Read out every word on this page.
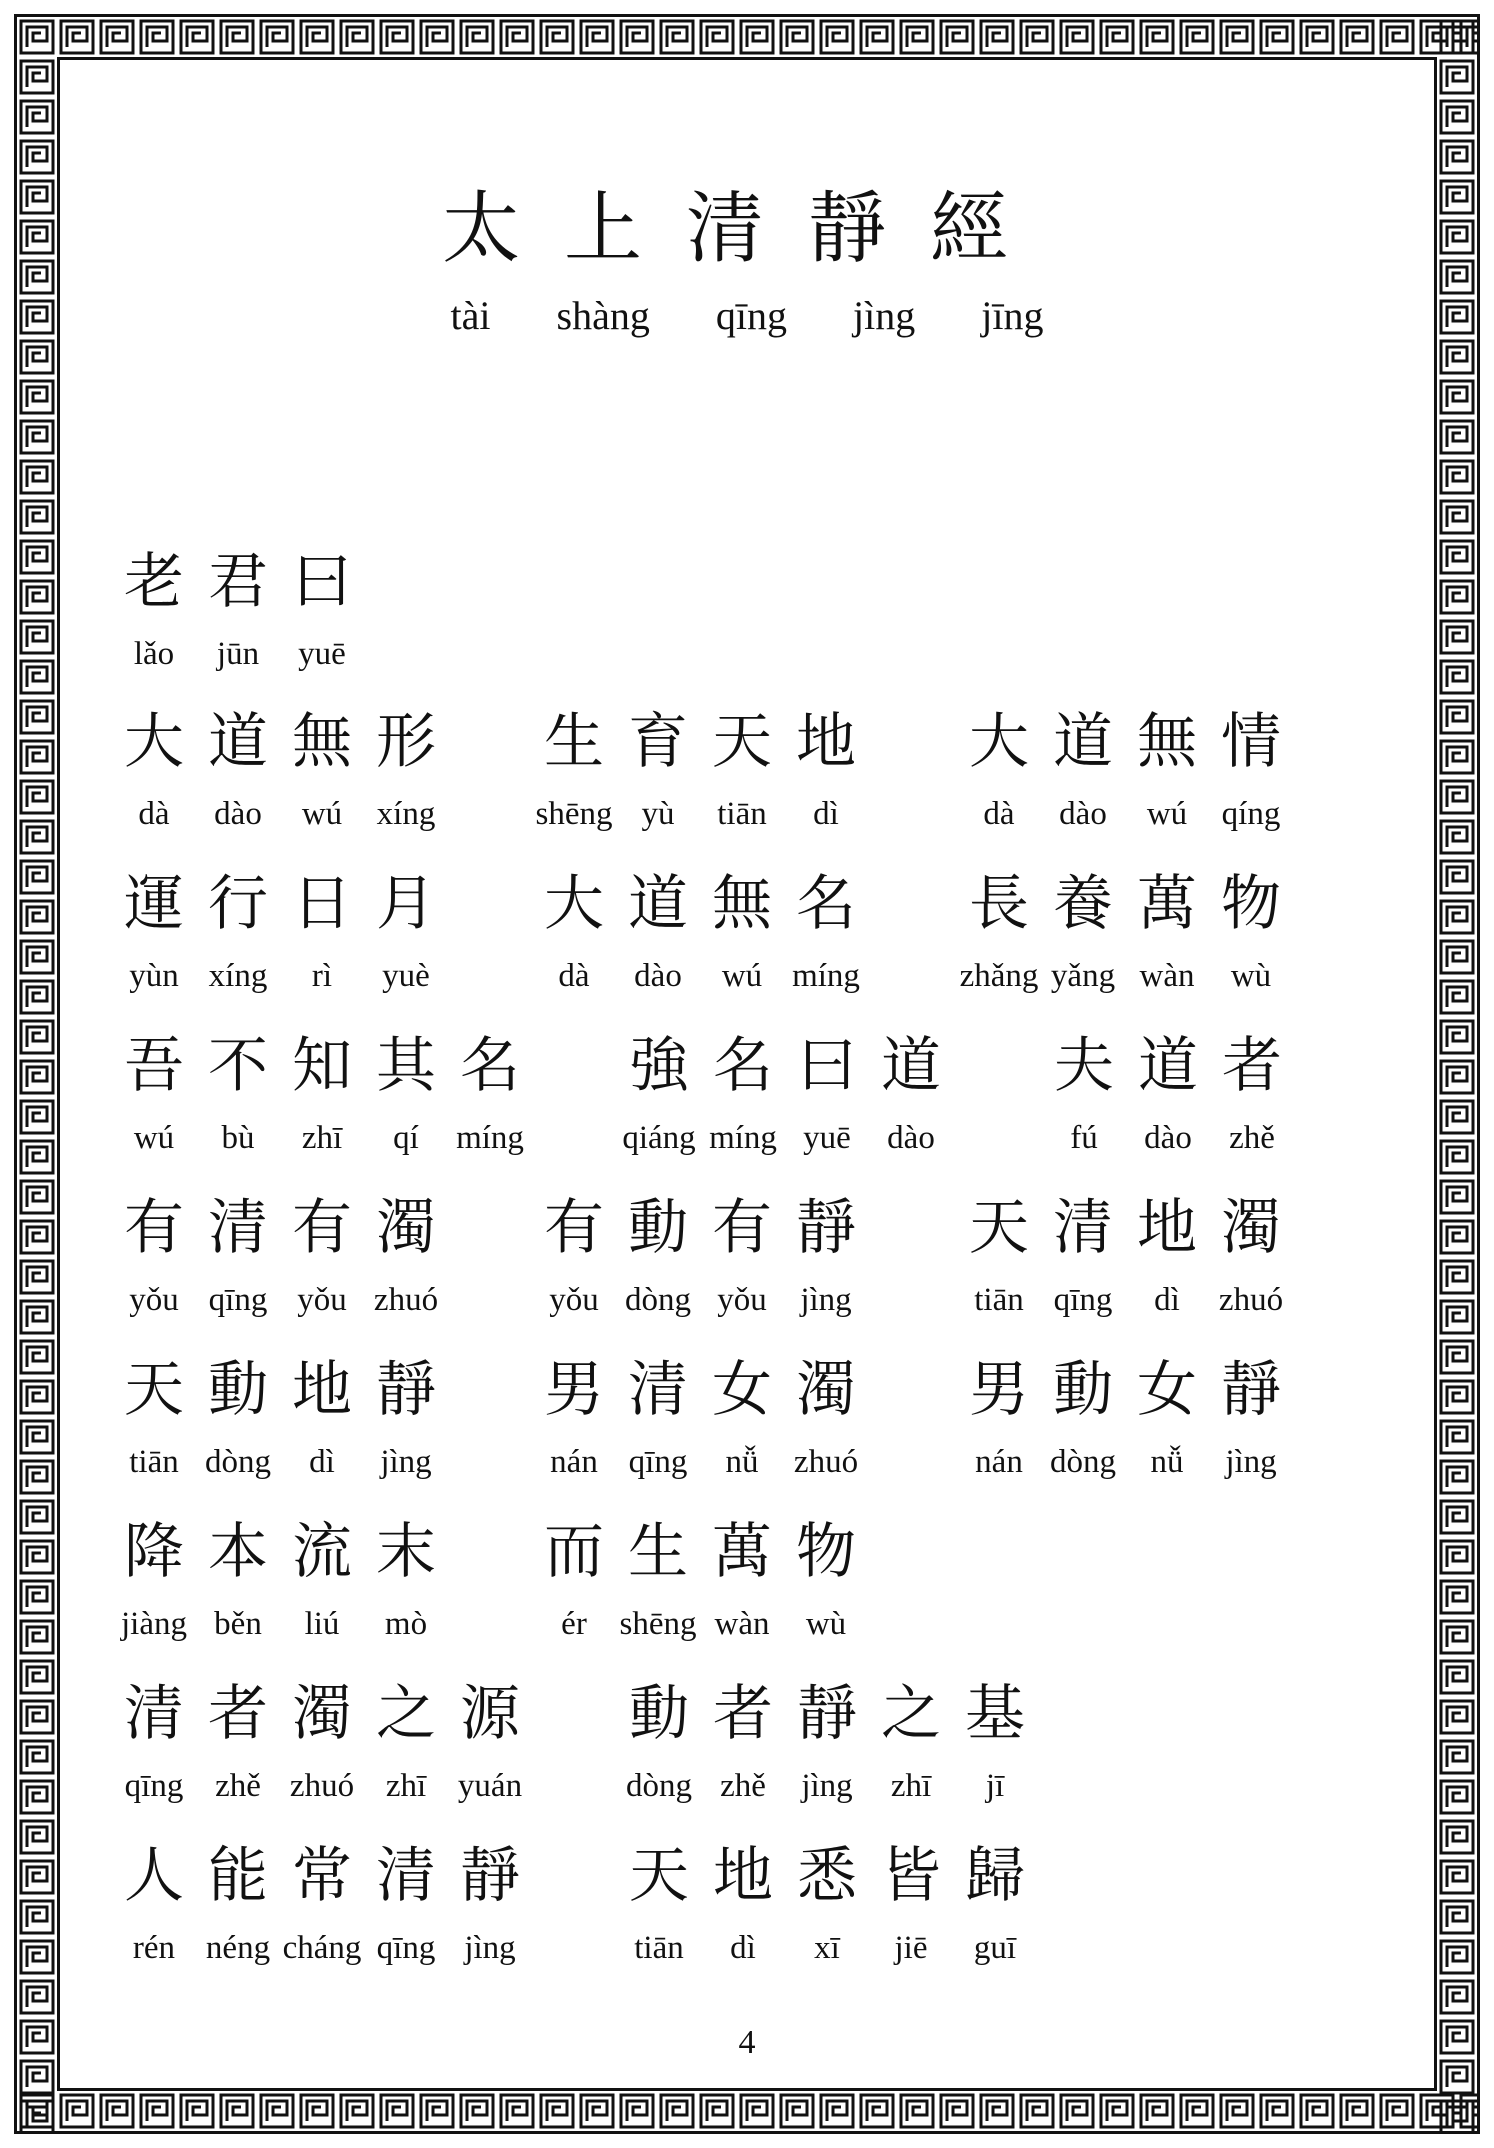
太上清靜經
tài shàng qīng jìng jīng
老 君 曰
lǎo	jūn	yuē
大 道 無 形 生 育 天 地 大 道 無 情
dà	dào	wú	xíng	shēng yù	tiān	dì	dà	dào	wú	qíng
運 行 日 月 大 道 無 名 長 養 萬 物
yùn xíng	rì	yuè	dà	dào	wú míng	zhǎng yǎng wàn	wù
吾 不 知 其 名 強 名 曰 道 夫 道 者
wú	bù	zhī	qí	míng	qiáng míng yuē	dào	fú	dào	zhě
有 清 有 濁 有 動 有 靜 天 清 地 濁
yǒu qīng yǒu zhuó	yǒu dòng yǒu	jìng	tiān qīng	dì	zhuó
天 動 地 靜 男 清 女 濁 男 動 女 靜
tiān dòng	dì	jìng	nán qīng	nǚ	zhuó	nán dòng	nǚ	jìng
降 本 流 末 而 生 萬 物
jiàng běn	liú	mò	ér shēng wàn	wù
清 者 濁 之 源 動 者 靜 之 基
qīng zhě zhuó zhī yuán	dòng zhě	jìng	zhī	jī
人 能 常 清 靜 天 地 悉 皆 歸
rén néng cháng qīng jìng	tiān	dì	xī	jiē	guī
4
